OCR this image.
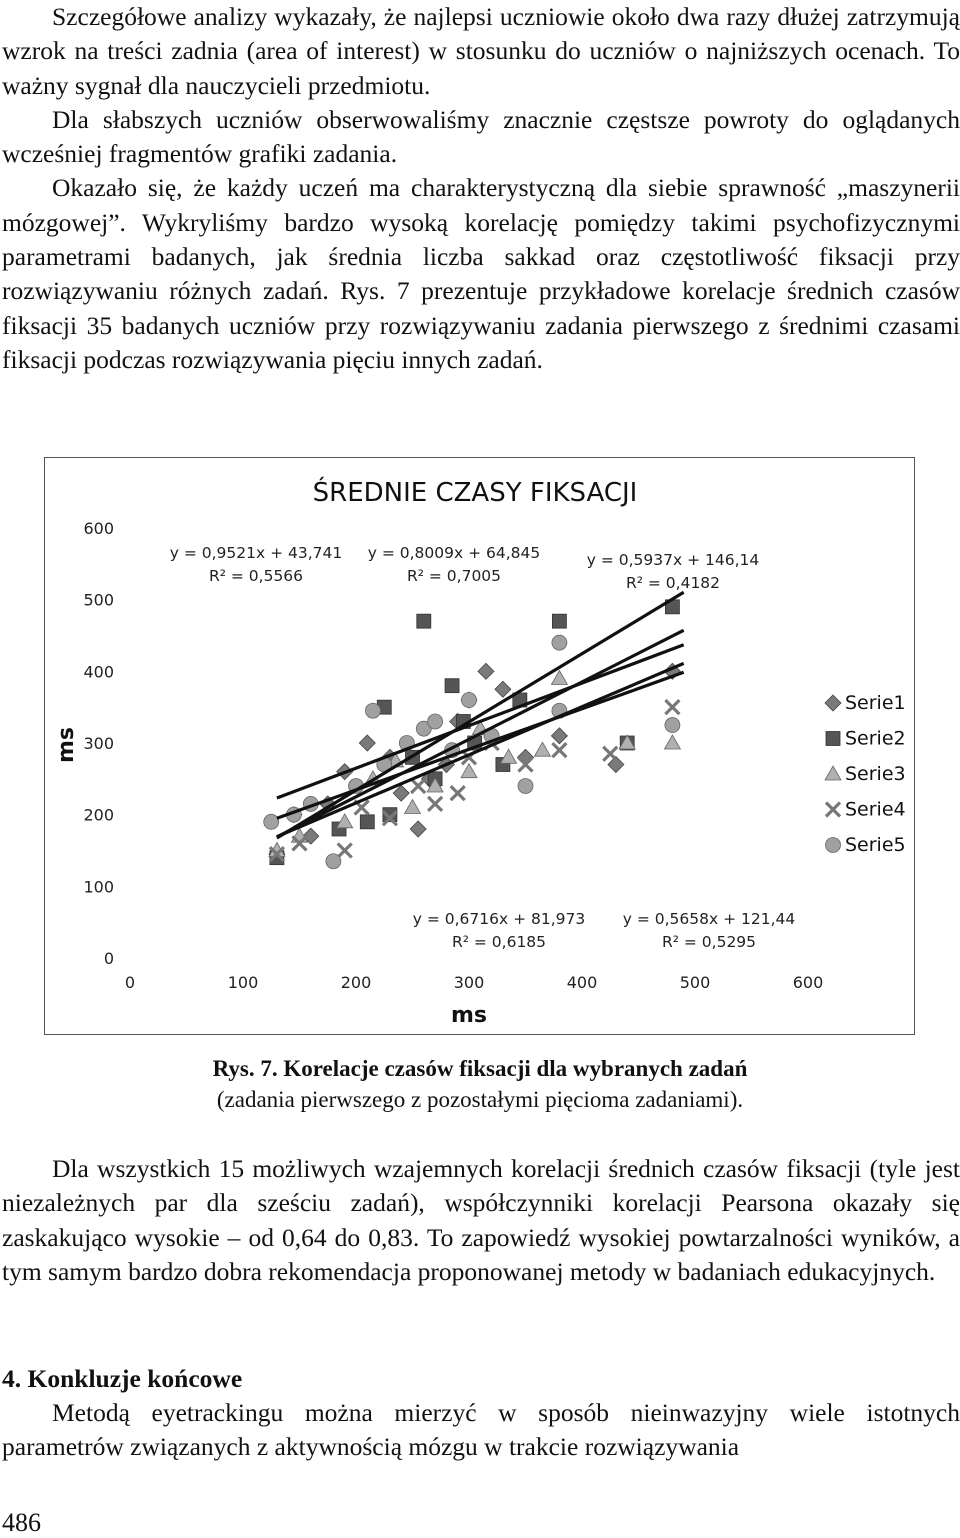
Szczegółowe analizy wykazały, że najlepsi uczniowie około dwa razy dłużej zatrzymują wzrok na treści zadnia (area of interest) w stosunku do uczniów o najniższych ocenach. To ważny sygnał dla nauczycieli przedmiotu.
Dla słabszych uczniów obserwowaliśmy znacznie częstsze powroty do oglądanych wcześniej fragmentów grafiki zadania.
Okazało się, że każdy uczeń ma charakterystyczną dla siebie sprawność „maszynerii mózgowej”. Wykryliśmy bardzo wysoką korelację pomiędzy takimi psychofizycznymi parametrami badanych, jak średnia liczba sakkad oraz częstotliwość fiksacji przy rozwiązywaniu różnych zadań. Rys. 7 prezentuje przykładowe korelacje średnich czasów fiksacji 35 badanych uczniów przy rozwiązywaniu zadania pierwszego z średnimi czasami fiksacji podczas rozwiązywania pięciu innych zadań.

ŚREDNIE CZASY FIKSACJI
ms
ms
0	100	200	300	400	500	600
0
100
200
300
400
500
600
y = 0,9521x + 43,741
R² = 0,5566
y = 0,8009x + 64,845
R² = 0,7005
y = 0,5937x + 146,14
R² = 0,4182
y = 0,6716x + 81,973
R² = 0,6185
y = 0,5658x + 121,44
R² = 0,5295
Serie1
Serie2
Serie3
Serie4
Serie5

Rys. 7. Korelacje czasów fiksacji dla wybranych zadań

(zadania pierwszego z pozostałymi pięcioma zadaniami).

Dla wszystkich 15 możliwych wzajemnych korelacji średnich czasów fiksacji (tyle jest niezależnych par dla sześciu zadań), współczynniki korelacji Pearsona okazały się zaskakująco wysokie – od 0,64 do 0,83. To zapowiedź wysokiej powtarzalności wyników, a tym samym bardzo dobra rekomendacja proponowanej metody w badaniach edukacyjnych.

4. Konkluzje końcowe

Metodą eyetrackingu można mierzyć w sposób nieinwazyjny wiele istotnych parametrów związanych z aktywnością mózgu w trakcie rozwiązywania

486
